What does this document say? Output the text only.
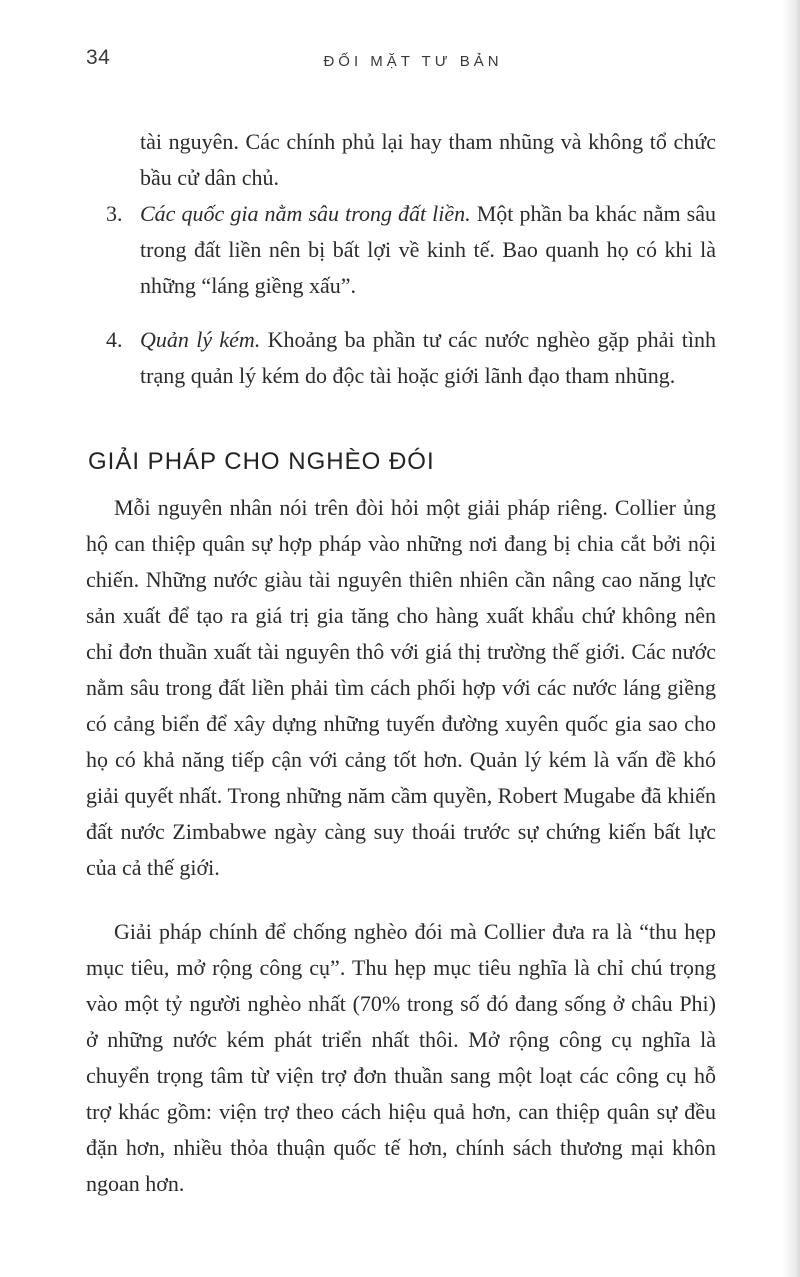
34	ĐỐI MẶT TƯ BẢN

tài nguyên. Các chính phủ lại hay tham nhũng và không tổ chức bầu cử dân chủ.

3. Các quốc gia nằm sâu trong đất liền. Một phần ba khác nằm sâu trong đất liền nên bị bất lợi về kinh tế. Bao quanh họ có khi là những “láng giềng xấu”.
4. Quản lý kém. Khoảng ba phần tư các nước nghèo gặp phải tình trạng quản lý kém do độc tài hoặc giới lãnh đạo tham nhũng.
GIẢI PHÁP CHO NGHÈO ĐÓI

Mỗi nguyên nhân nói trên đòi hỏi một giải pháp riêng. Collier ủng hộ can thiệp quân sự hợp pháp vào những nơi đang bị chia cắt bởi nội chiến. Những nước giàu tài nguyên thiên nhiên cần nâng cao năng lực sản xuất để tạo ra giá trị gia tăng cho hàng xuất khẩu chứ không nên chỉ đơn thuần xuất tài nguyên thô với giá thị trường thế giới. Các nước nằm sâu trong đất liền phải tìm cách phối hợp với các nước láng giềng có cảng biển để xây dựng những tuyến đường xuyên quốc gia sao cho họ có khả năng tiếp cận với cảng tốt hơn. Quản lý kém là vấn đề khó giải quyết nhất. Trong những năm cầm quyền, Robert Mugabe đã khiến đất nước Zimbabwe ngày càng suy thoái trước sự chứng kiến bất lực của cả thế giới.

Giải pháp chính để chống nghèo đói mà Collier đưa ra là “thu hẹp mục tiêu, mở rộng công cụ”. Thu hẹp mục tiêu nghĩa là chỉ chú trọng vào một tỷ người nghèo nhất (70% trong số đó đang sống ở châu Phi) ở những nước kém phát triển nhất thôi. Mở rộng công cụ nghĩa là chuyển trọng tâm từ viện trợ đơn thuần sang một loạt các công cụ hỗ trợ khác gồm: viện trợ theo cách hiệu quả hơn, can thiệp quân sự đều đặn hơn, nhiều thỏa thuận quốc tế hơn, chính sách thương mại khôn ngoan hơn.
